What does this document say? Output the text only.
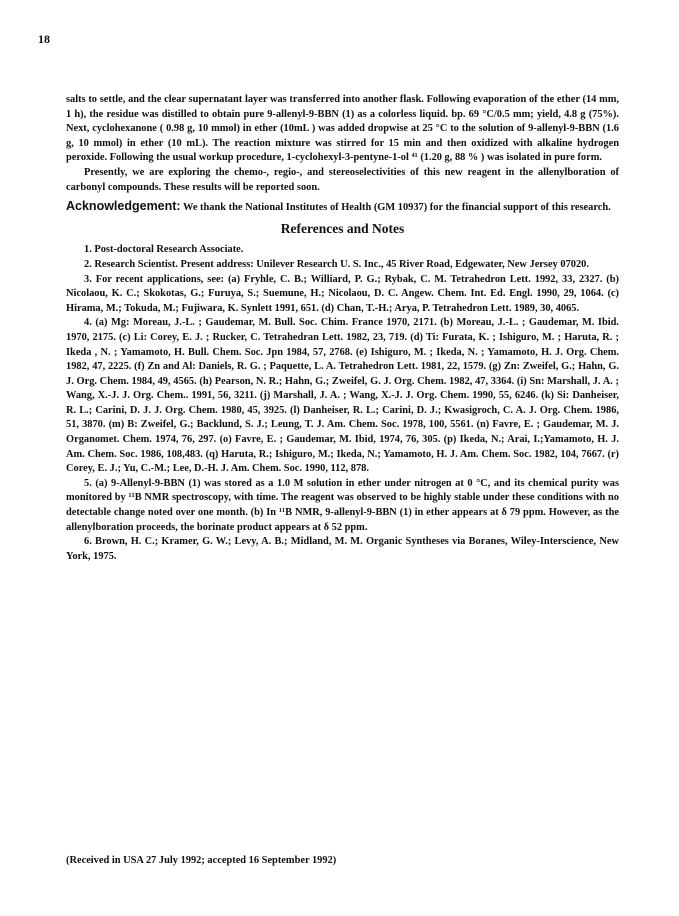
18

salts to settle, and the clear supernatant layer was transferred into another flask. Following evaporation of the ether (14 mm, 1 h), the residue was distilled to obtain pure 9-allenyl-9-BBN (1) as a colorless liquid. bp. 69 °C/0.5 mm; yield, 4.8 g (75%). Next, cyclohexanone ( 0.98 g, 10 mmol) in ether (10mL ) was added dropwise at 25 °C to the solution of 9-allenyl-9-BBN (1.6 g, 10 mmol) in ether (10 mL). The reaction mixture was stirred for 15 min and then oxidized with alkaline hydrogen peroxide. Following the usual workup procedure, 1-cyclohexyl-3-pentyne-1-ol ⁴¹ (1.20 g, 88 % ) was isolated in pure form.

Presently, we are exploring the chemo-, regio-, and stereoselectivities of this new reagent in the allenylboration of carbonyl compounds. These results will be reported soon.

Acknowledgement: We thank the National Institutes of Health (GM 10937) for the financial support of this research.

References and Notes

1. Post-doctoral Research Associate.

2. Research Scientist. Present address: Unilever Research U. S. Inc., 45 River Road, Edgewater, New Jersey 07020.

3. For recent applications, see: (a) Fryhle, C. B.; Williard, P. G.; Rybak, C. M. Tetrahedron Lett. 1992, 33, 2327. (b) Nicolaou, K. C.; Skokotas, G.; Furuya, S.; Suemune, H.; Nicolaou, D. C. Angew. Chem. Int. Ed. Engl. 1990, 29, 1064. (c) Hirama, M.; Tokuda, M.; Fujiwara, K. Synlett 1991, 651. (d) Chan, T.-H.; Arya, P. Tetrahedron Lett. 1989, 30, 4065.

4. (a) Mg: Moreau, J.-L. ; Gaudemar, M. Bull. Soc. Chim. France 1970, 2171. (b) Moreau, J.-L. ; Gaudemar, M. Ibid. 1970, 2175. (c) Li: Corey, E. J. ; Rucker, C. Tetrahedran Lett. 1982, 23, 719. (d) Ti: Furata, K. ; Ishiguro, M. ; Haruta, R. ; Ikeda , N. ; Yamamoto, H. Bull. Chem. Soc. Jpn 1984, 57, 2768. (e) Ishiguro, M. ; Ikeda, N. ; Yamamoto, H. J. Org. Chem. 1982, 47, 2225. (f) Zn and Al: Daniels, R. G. ; Paquette, L. A. Tetrahedron Lett. 1981, 22, 1579. (g) Zn: Zweifel, G.; Hahn, G. J. Org. Chem. 1984, 49, 4565. (h) Pearson, N. R.; Hahn, G.; Zweifel, G. J. Org. Chem. 1982, 47, 3364. (i) Sn: Marshall, J. A. ; Wang, X.-J. J. Org. Chem.. 1991, 56, 3211. (j) Marshall, J. A. ; Wang, X.-J. J. Org. Chem. 1990, 55, 6246. (k) Si: Danheiser, R. L.; Carini, D. J. J. Org. Chem. 1980, 45, 3925. (l) Danheiser, R. L.; Carini, D. J.; Kwasigroch, C. A. J. Org. Chem. 1986, 51, 3870. (m) B: Zweifel, G.; Backlund, S. J.; Leung, T. J. Am. Chem. Soc. 1978, 100, 5561. (n) Favre, E. ; Gaudemar, M. J. Organomet. Chem. 1974, 76, 297. (o) Favre, E. ; Gaudemar, M. Ibid, 1974, 76, 305. (p) Ikeda, N.; Arai, I.;Yamamoto, H. J. Am. Chem. Soc. 1986, 108,483. (q) Haruta, R.; Ishiguro, M.; Ikeda, N.; Yamamoto, H. J. Am. Chem. Soc. 1982, 104, 7667. (r) Corey, E. J.; Yu, C.-M.; Lee, D.-H. J. Am. Chem. Soc. 1990, 112, 878.

5. (a) 9-Allenyl-9-BBN (1) was stored as a 1.0 M solution in ether under nitrogen at 0 °C, and its chemical purity was monitored by ¹¹B NMR spectroscopy, with time. The reagent was observed to be highly stable under these conditions with no detectable change noted over one month. (b) In ¹¹B NMR, 9-allenyl-9-BBN (1) in ether appears at δ 79 ppm. However, as the allenylboration proceeds, the borinate product appears at δ 52 ppm.

6. Brown, H. C.; Kramer, G. W.; Levy, A. B.; Midland, M. M. Organic Syntheses via Boranes, Wiley-Interscience, New York, 1975.

(Received in USA 27 July 1992; accepted 16 September 1992)
